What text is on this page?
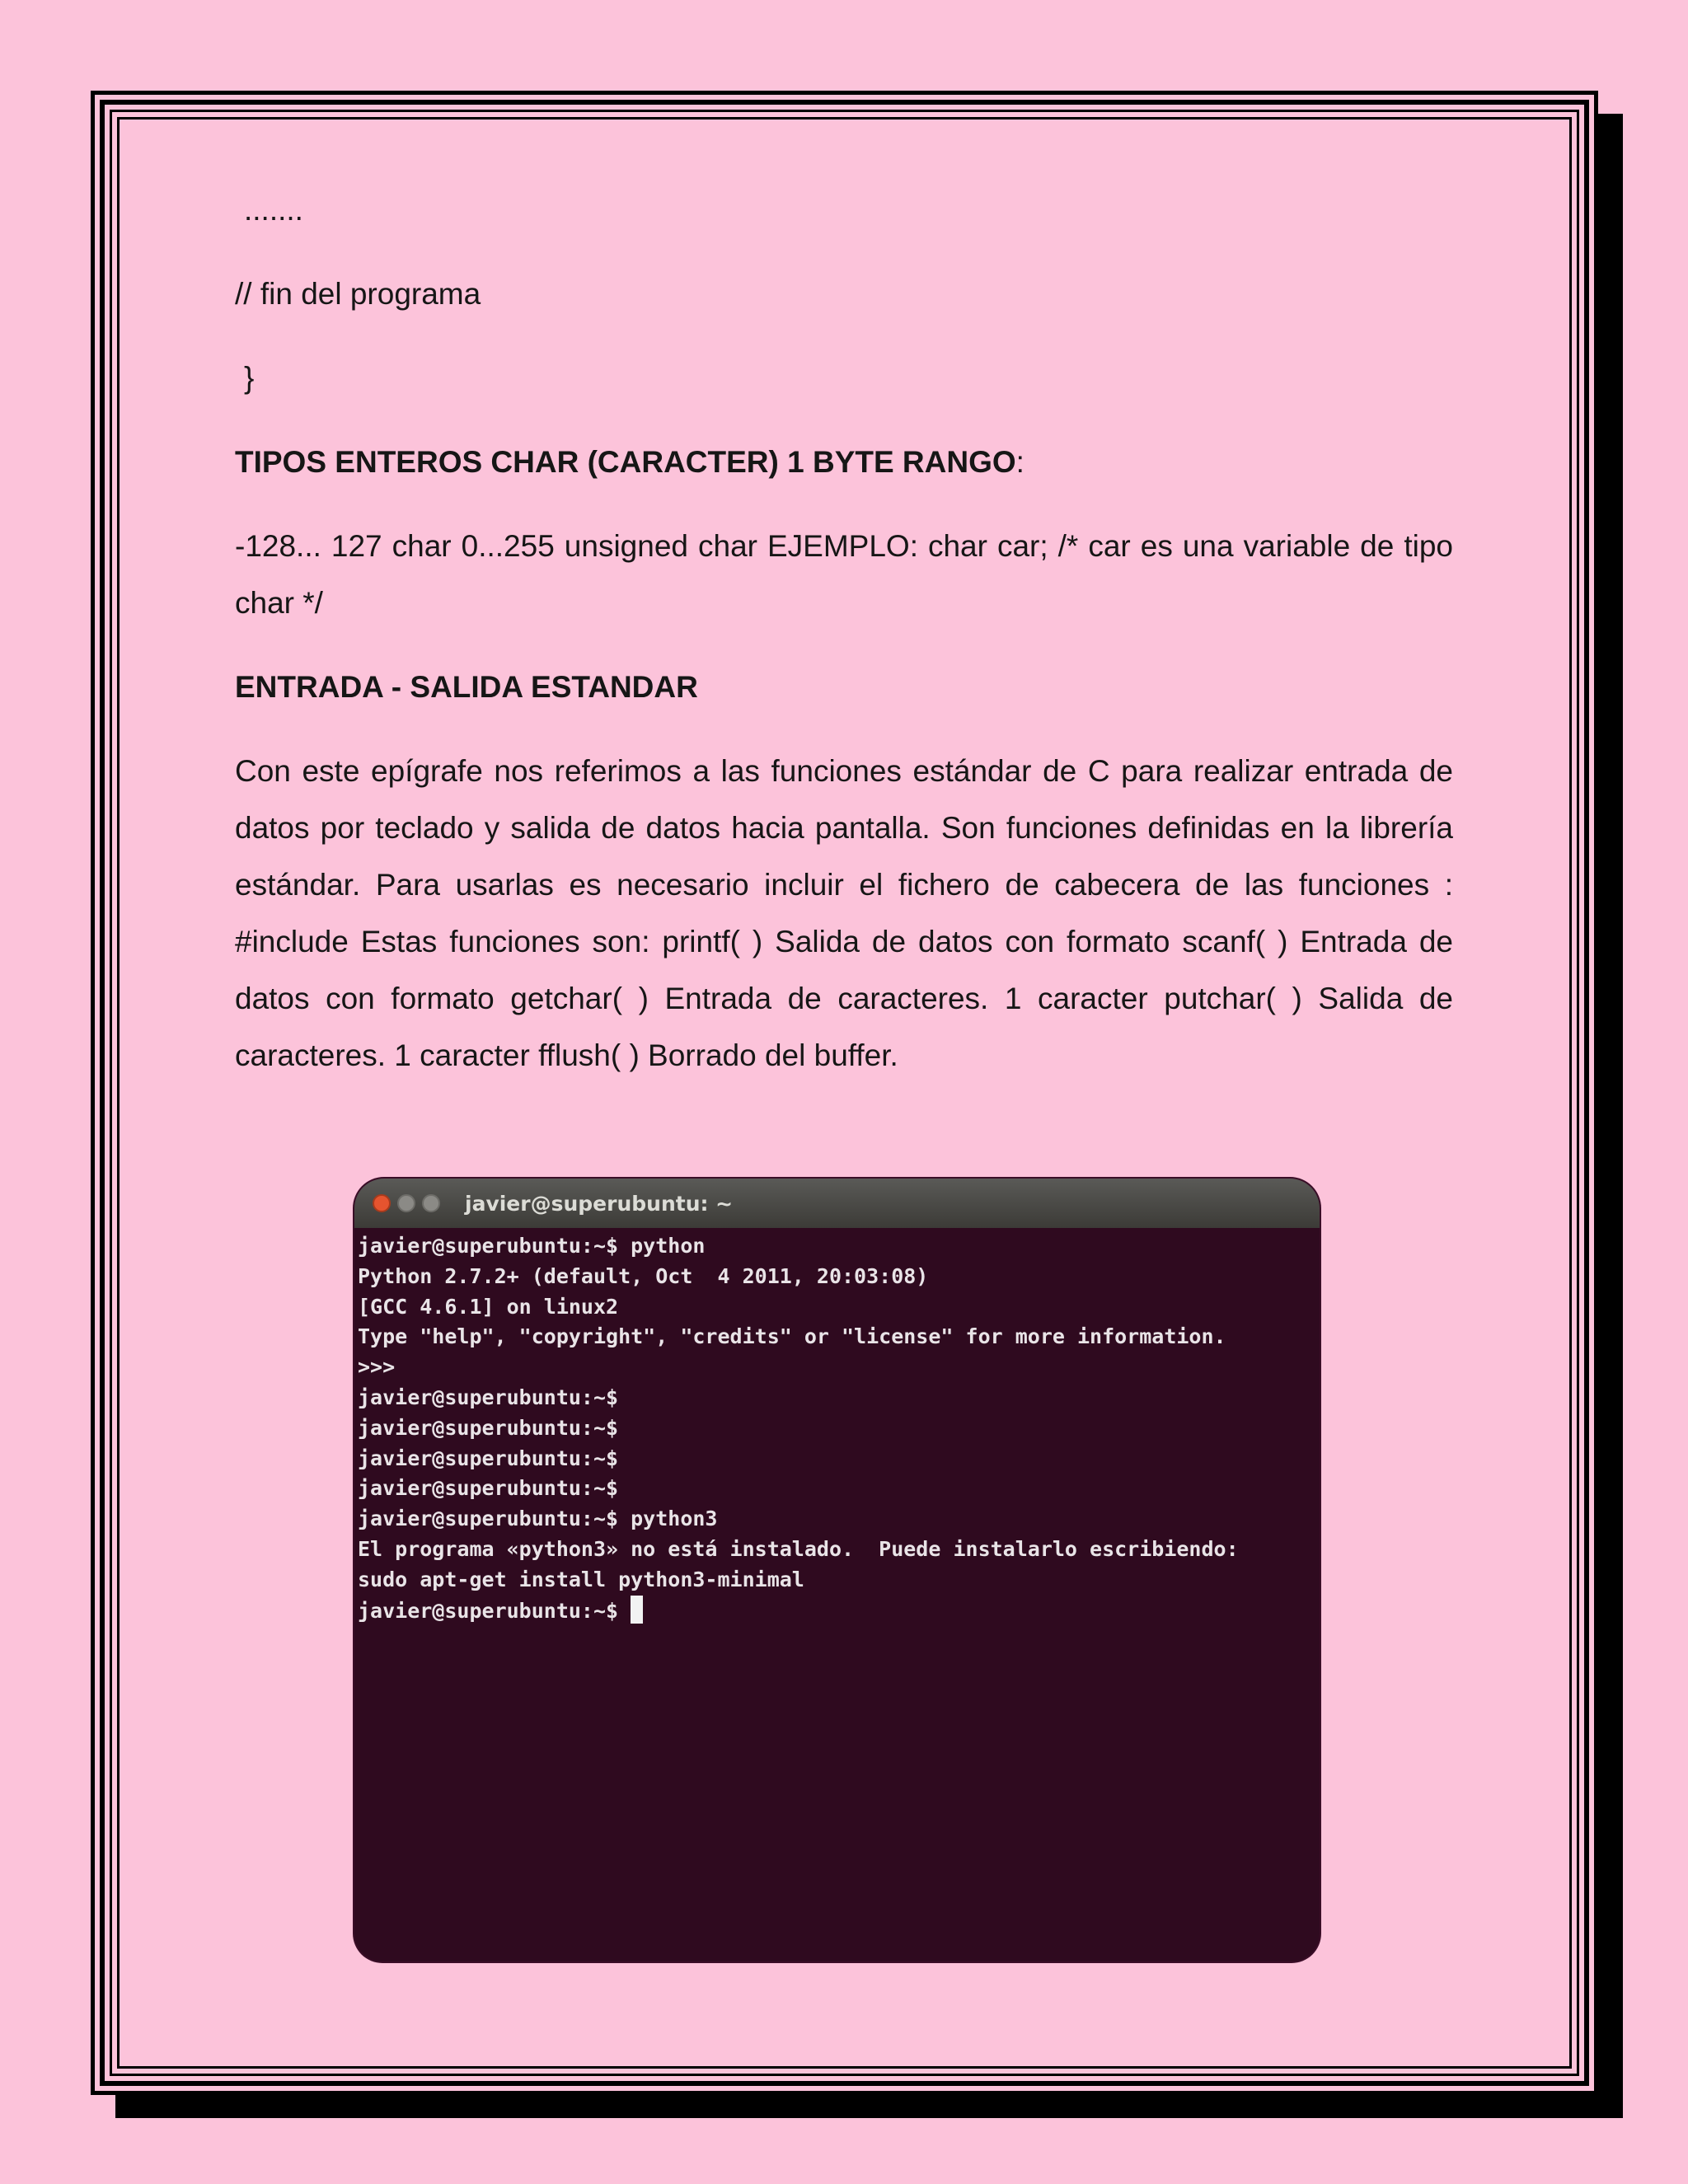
.......

// fin del programa

}

TIPOS ENTEROS CHAR (CARACTER) 1 BYTE RANGO:

-128... 127 char 0...255 unsigned char EJEMPLO: char car; /* car es una variable de tipo char */

ENTRADA - SALIDA ESTANDAR

Con este epígrafe nos referimos a las funciones estándar de C para realizar entrada de datos por teclado y salida de datos hacia pantalla. Son funciones definidas en la librería estándar. Para usarlas es necesario incluir el fichero de cabecera de las funciones : #include Estas funciones son: printf( ) Salida de datos con formato scanf( ) Entrada de datos con formato getchar( ) Entrada de caracteres. 1 caracter putchar( ) Salida de caracteres. 1 caracter fflush( ) Borrado del buffer.

javier@superubuntu: ~

javier@superubuntu:~$ python

Python 2.7.2+ (default, Oct  4 2011, 20:03:08)

[GCC 4.6.1] on linux2

Type "help", "copyright", "credits" or "license" for more information.

>>>

javier@superubuntu:~$

javier@superubuntu:~$

javier@superubuntu:~$

javier@superubuntu:~$

javier@superubuntu:~$ python3

El programa «python3» no está instalado.  Puede instalarlo escribiendo:

sudo apt-get install python3-minimal

javier@superubuntu:~$
